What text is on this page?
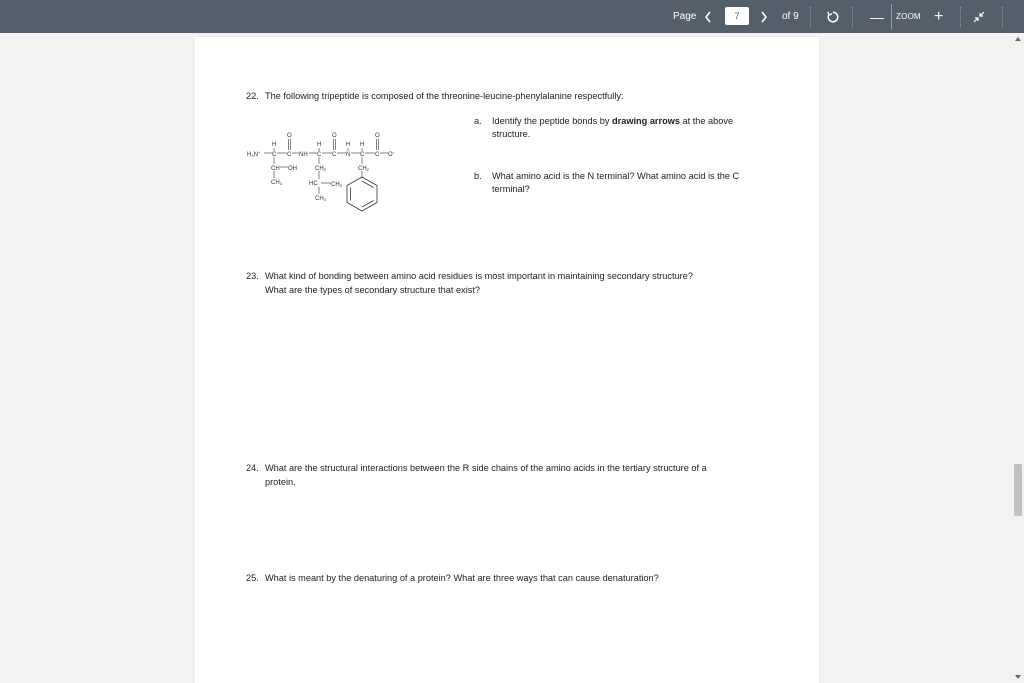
Page
7	of 9	— ZOOM +
22. The following tripeptide is composed of the threonine-leucine-phenylalanine respectfully:
a. Identify the peptide bonds by drawing arrows at the above structure.
b. What amino acid is the N terminal? What amino acid is the C terminal?
H3N+ C
H
C
O
NH C
H
C
O
N
H
C
H
C
O
O−
CH OH
CH3
CH2
HC CH3
CH3
CH2
23. What kind of bonding between amino acid residues is most important in maintaining secondary structure?
What are the types of secondary structure that exist?
24. What are the structural interactions between the R side chains of the amino acids in the tertiary structure of a
protein.
25. What is meant by the denaturing of a protein? What are three ways that can cause denaturation?
